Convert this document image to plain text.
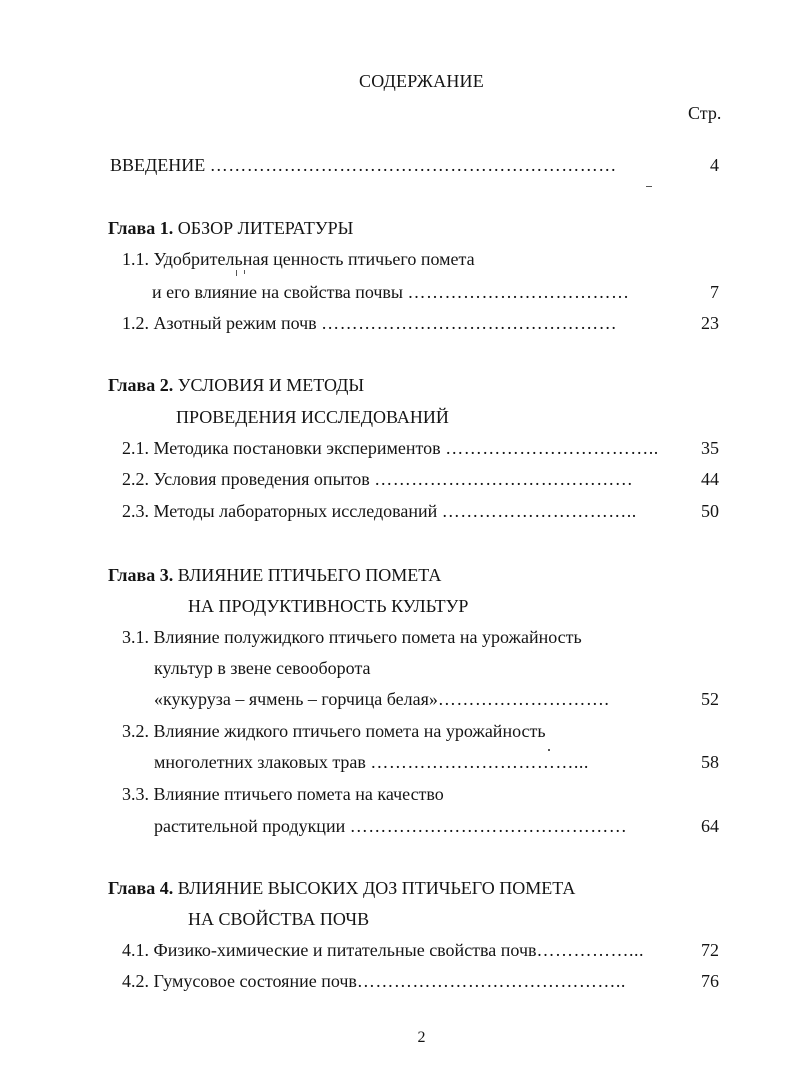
СОДЕРЖАНИЕ
Стр.
ВВЕДЕНИЕ …………………………………………………………	4
Глава 1. ОБЗОР ЛИТЕРАТУРЫ
1.1. Удобрительная ценность птичьего помета
и его влияние на свойства почвы ………………………………	7
1.2. Азотный режим почв …………………………………………	23
Глава 2. УСЛОВИЯ И МЕТОДЫ
ПРОВЕДЕНИЯ ИССЛЕДОВАНИЙ
2.1. Методика постановки экспериментов …………………………….. 35
2.2. Условия проведения опытов ……………………………………	44
2.3. Методы лабораторных исследований …………………………..	50
Глава 3. ВЛИЯНИЕ ПТИЧЬЕГО ПОМЕТА
НА ПРОДУКТИВНОСТЬ КУЛЬТУР
3.1. Влияние полужидкого птичьего помета на урожайность
культур в звене севооборота
«кукуруза – ячмень – горчица белая»……………………….	52
3.2. Влияние жидкого птичьего помета на урожайность
многолетних злаковых трав ……………………………...	58
3.3. Влияние птичьего помета на качество
растительной продукции ………………………………………	64
Глава 4. ВЛИЯНИЕ ВЫСОКИХ ДОЗ ПТИЧЬЕГО ПОМЕТА
НА СВОЙСТВА ПОЧВ
4.1. Физико-химические и питательные свойства почв……………...	72
4.2. Гумусовое состояние почв……………………………………..	76
2
